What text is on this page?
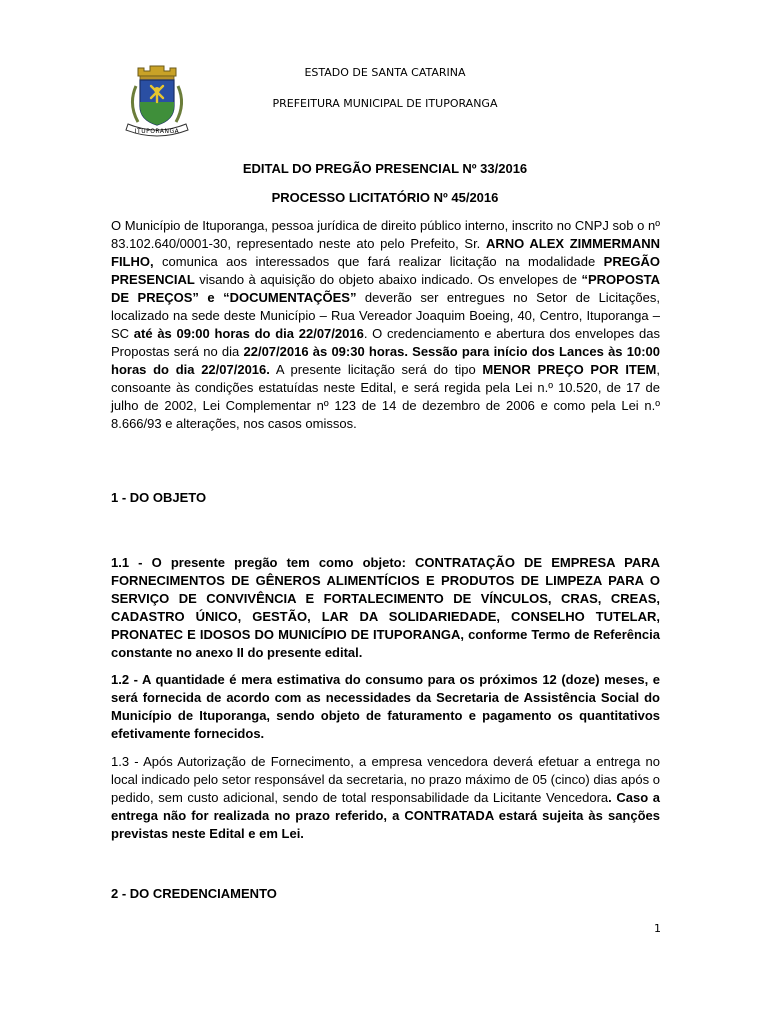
ITUPORANGA
ESTADO DE SANTA CATARINA
PREFEITURA MUNICIPAL DE ITUPORANGA
EDITAL DO PREGÃO PRESENCIAL Nº 33/2016
PROCESSO LICITATÓRIO Nº 45/2016
O Município de Ituporanga, pessoa jurídica de direito público interno, inscrito no CNPJ sob o nº 83.102.640/0001-30, representado neste ato pelo Prefeito, Sr. ARNO ALEX ZIMMERMANN FILHO, comunica aos interessados que fará realizar licitação na modalidade PREGÃO PRESENCIAL visando à aquisição do objeto abaixo indicado. Os envelopes de “PROPOSTA DE PREÇOS” e “DOCUMENTAÇÕES” deverão ser entregues no Setor de Licitações, localizado na sede deste Município – Rua Vereador Joaquim Boeing, 40, Centro, Ituporanga – SC até às 09:00 horas do dia 22/07/2016. O credenciamento e abertura dos envelopes das Propostas será no dia 22/07/2016 às 09:30 horas. Sessão para início dos Lances às 10:00 horas do dia 22/07/2016. A presente licitação será do tipo MENOR PREÇO POR ITEM, consoante às condições estatuídas neste Edital, e será regida pela Lei n.º 10.520, de 17 de julho de 2002, Lei Complementar nº 123 de 14 de dezembro de 2006 e como pela Lei n.º 8.666/93 e alterações, nos casos omissos.
1 - DO OBJETO
1.1 - O presente pregão tem como objeto: CONTRATAÇÃO DE EMPRESA PARA FORNECIMENTOS DE GÊNEROS ALIMENTÍCIOS E PRODUTOS DE LIMPEZA PARA O SERVIÇO DE CONVIVÊNCIA E FORTALECIMENTO DE VÍNCULOS, CRAS, CREAS, CADASTRO ÚNICO, GESTÃO, LAR DA SOLIDARIEDADE, CONSELHO TUTELAR, PRONATEC E IDOSOS DO MUNICÍPIO DE ITUPORANGA, conforme Termo de Referência constante no anexo II do presente edital.
1.2 - A quantidade é mera estimativa do consumo para os próximos 12 (doze) meses, e será fornecida de acordo com as necessidades da Secretaria de Assistência Social do Município de Ituporanga, sendo objeto de faturamento e pagamento os quantitativos efetivamente fornecidos.
1.3 - Após Autorização de Fornecimento, a empresa vencedora deverá efetuar a entrega no local indicado pelo setor responsável da secretaria, no prazo máximo de 05 (cinco) dias após o pedido, sem custo adicional, sendo de total responsabilidade da Licitante Vencedora. Caso a entrega não for realizada no prazo referido, a CONTRATADA estará sujeita às sanções previstas neste Edital e em Lei.
2 - DO CREDENCIAMENTO
1
